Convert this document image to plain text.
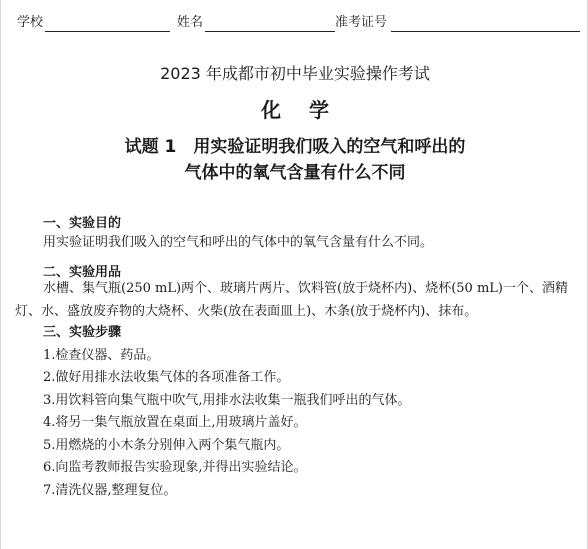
学校	姓名	准考证号
2023 年成都市初中毕业实验操作考试
化学
试题 1　用实验证明我们吸入的空气和呼出的
气体中的氧气含量有什么不同
一、实验目的
用实验证明我们吸入的空气和呼出的气体中的氧气含量有什么不同。
二、实验用品
水槽、集气瓶(250 mL)两个、玻璃片两片、饮料管(放于烧杯内)、烧杯(50 mL)一个、酒精灯、水、盛放废弃物的大烧杯、火柴(放在表面皿上)、木条(放于烧杯内)、抹布。
三、实验步骤
1.检查仪器、药品。
2.做好用排水法收集气体的各项准备工作。
3.用饮料管向集气瓶中吹气,用排水法收集一瓶我们呼出的气体。
4.将另一集气瓶放置在桌面上,用玻璃片盖好。
5.用燃烧的小木条分别伸入两个集气瓶内。
6.向监考教师报告实验现象,并得出实验结论。
7.清洗仪器,整理复位。
